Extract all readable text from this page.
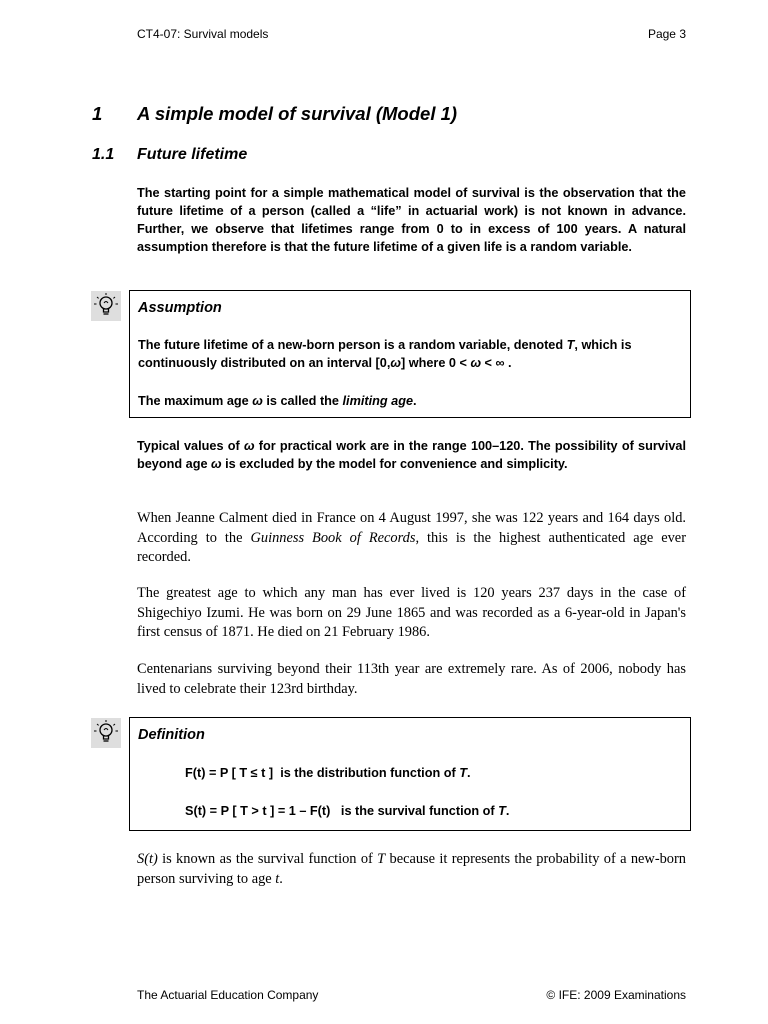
CT4-07: Survival models	Page 3
1 A simple model of survival (Model 1)
1.1 Future lifetime
The starting point for a simple mathematical model of survival is the observation that the future lifetime of a person (called a “life” in actuarial work) is not known in advance. Further, we observe that lifetimes range from 0 to in excess of 100 years. A natural assumption therefore is that the future lifetime of a given life is a random variable.
Assumption
The future lifetime of a new-born person is a random variable, denoted T, which is continuously distributed on an interval [0,ω] where 0 < ω < ∞ .
The maximum age ω is called the limiting age.
Typical values of ω for practical work are in the range 100–120. The possibility of survival beyond age ω is excluded by the model for convenience and simplicity.
When Jeanne Calment died in France on 4 August 1997, she was 122 years and 164 days old. According to the Guinness Book of Records, this is the highest authenticated age ever recorded.
The greatest age to which any man has ever lived is 120 years 237 days in the case of Shigechiyo Izumi. He was born on 29 June 1865 and was recorded as a 6-year-old in Japan's first census of 1871. He died on 21 February 1986.
Centenarians surviving beyond their 113th year are extremely rare. As of 2006, nobody has lived to celebrate their 123rd birthday.
Definition
F(t) = P [ T ≤ t ] is the distribution function of T.
S(t) = P [ T > t ] = 1 – F(t) is the survival function of T.
S(t) is known as the survival function of T because it represents the probability of a new-born person surviving to age t.
The Actuarial Education Company	© IFE: 2009 Examinations
